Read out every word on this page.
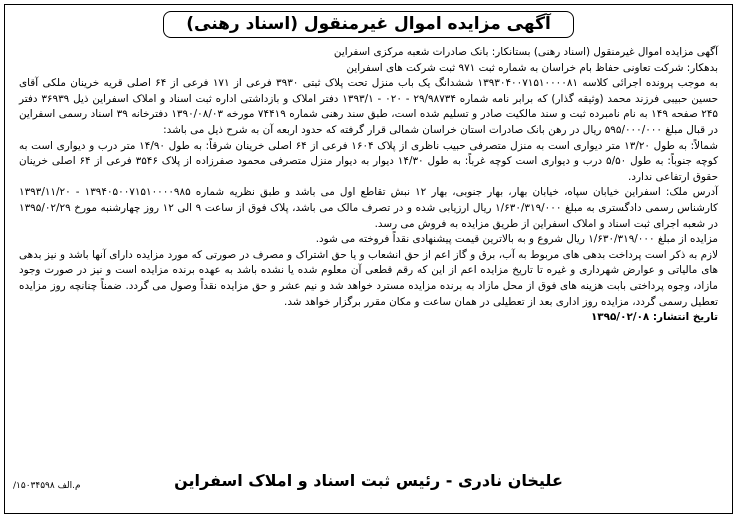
آگهی مزایده اموال غیرمنقول (اسناد رهنی)

آگهی مزایده اموال غیرمنقول (اسناد رهنی) بستانکار: بانک صادرات شعبه مرکزی اسفراین

بدهکار: شرکت تعاونی حفاظ بام خراسان به شماره ثبت ۹۷۱ ثبت شرکت های اسفراین

به موجب پرونده اجرائی کلاسه ۱۳۹۳۰۴۰۰۷۱۵۱۰۰۰۰۸۱ ششدانگ یک باب منزل تحت پلاک ثبتی ۳۹۳۰ فرعی از ۱۷۱ فرعی از ۶۴ اصلی قریه خرینان ملکی آقای حسین حبیبی فرزند محمد (وثیقه گذار) که برابر نامه شماره ۲۹/۹۸۷۳۴ - ۰۲۰ - ۱۳۹۳/۱ دفتر املاک و بازداشتی اداره ثبت اسناد و املاک اسفراین ذیل ۳۶۹۳۹ دفتر ۲۴۵ صفحه ۱۴۹ به نام نامبرده ثبت و سند مالکیت صادر و تسلیم شده است، طبق سند رهنی شماره ۷۴۴۱۹ مورخه ۱۳۹۰/۰۸/۰۳ دفترخانه ۳۹ اسناد رسمی اسفراین در قبال مبلغ ۵۹۵/۰۰۰/۰۰۰ ریال در رهن بانک صادرات استان خراسان شمالی قرار گرفته که حدود اربعه آن به شرح ذیل می باشد:

شمالاً: به طول ۱۳/۲۰ متر دیواری است به منزل متصرفی حبیب ناظری از پلاک ۱۶۰۴ فرعی از ۶۴ اصلی خرینان شرقاً: به طول ۱۴/۹۰ متر درب و دیواری است به کوچه جنوباً: به طول ۵/۵۰ درب و دیواری است کوچه غرباً: به طول ۱۴/۳۰ دیوار به دیوار منزل متصرفی محمود صفرزاده از پلاک ۳۵۴۶ فرعی از ۶۴ اصلی خرینان حقوق ارتفاعی ندارد.

آدرس ملک: اسفراین خیابان سپاه، خیابان بهار، بهار جنوبی، بهار ۱۲ نبش تقاطع اول می باشد و طبق نظریه شماره ۱۳۹۴۰۵۰۰۷۱۵۱۰۰۰۰۹۸۵ - ۱۳۹۳/۱۱/۲۰ کارشناس رسمی دادگستری به مبلغ ۱/۶۳۰/۳۱۹/۰۰۰ ریال ارزیابی شده و در تصرف مالک می باشد، پلاک فوق از ساعت ۹ الی ۱۲ روز چهارشنبه مورخ ۱۳۹۵/۰۲/۲۹ در شعبه اجرای ثبت اسناد و املاک اسفراین از طریق مزایده به فروش می رسد.

مزایده از مبلغ ۱/۶۳۰/۳۱۹/۰۰۰ ریال شروع و به بالاترین قیمت پیشنهادی نقداً فروخته می شود.

لازم به ذکر است پرداخت بدهی های مربوط به آب، برق و گاز اعم از حق انشعاب و یا حق اشتراک و مصرف در صورتی که مورد مزایده دارای آنها باشد و نیز بدهی های مالیاتی و عوارض شهرداری و غیره تا تاریخ مزایده اعم از این که رقم قطعی آن معلوم شده یا نشده باشد به عهده برنده مزایده است و نیز در صورت وجود مازاد، وجوه پرداختی بابت هزینه های فوق از محل مازاد به برنده مزایده مسترد خواهد شد و نیم عشر و حق مزایده نقداً وصول می گردد. ضمناً چنانچه روز مزایده تعطیل رسمی گردد، مزایده روز اداری بعد از تعطیلی در همان ساعت و مکان مقرر برگزار خواهد شد.

تاریخ انتشار: ۱۳۹۵/۰۲/۰۸

علیخان نادری - رئیس ثبت اسناد و املاک اسفراین
م.الف ۱۵۰۳۴۵۹۸/
